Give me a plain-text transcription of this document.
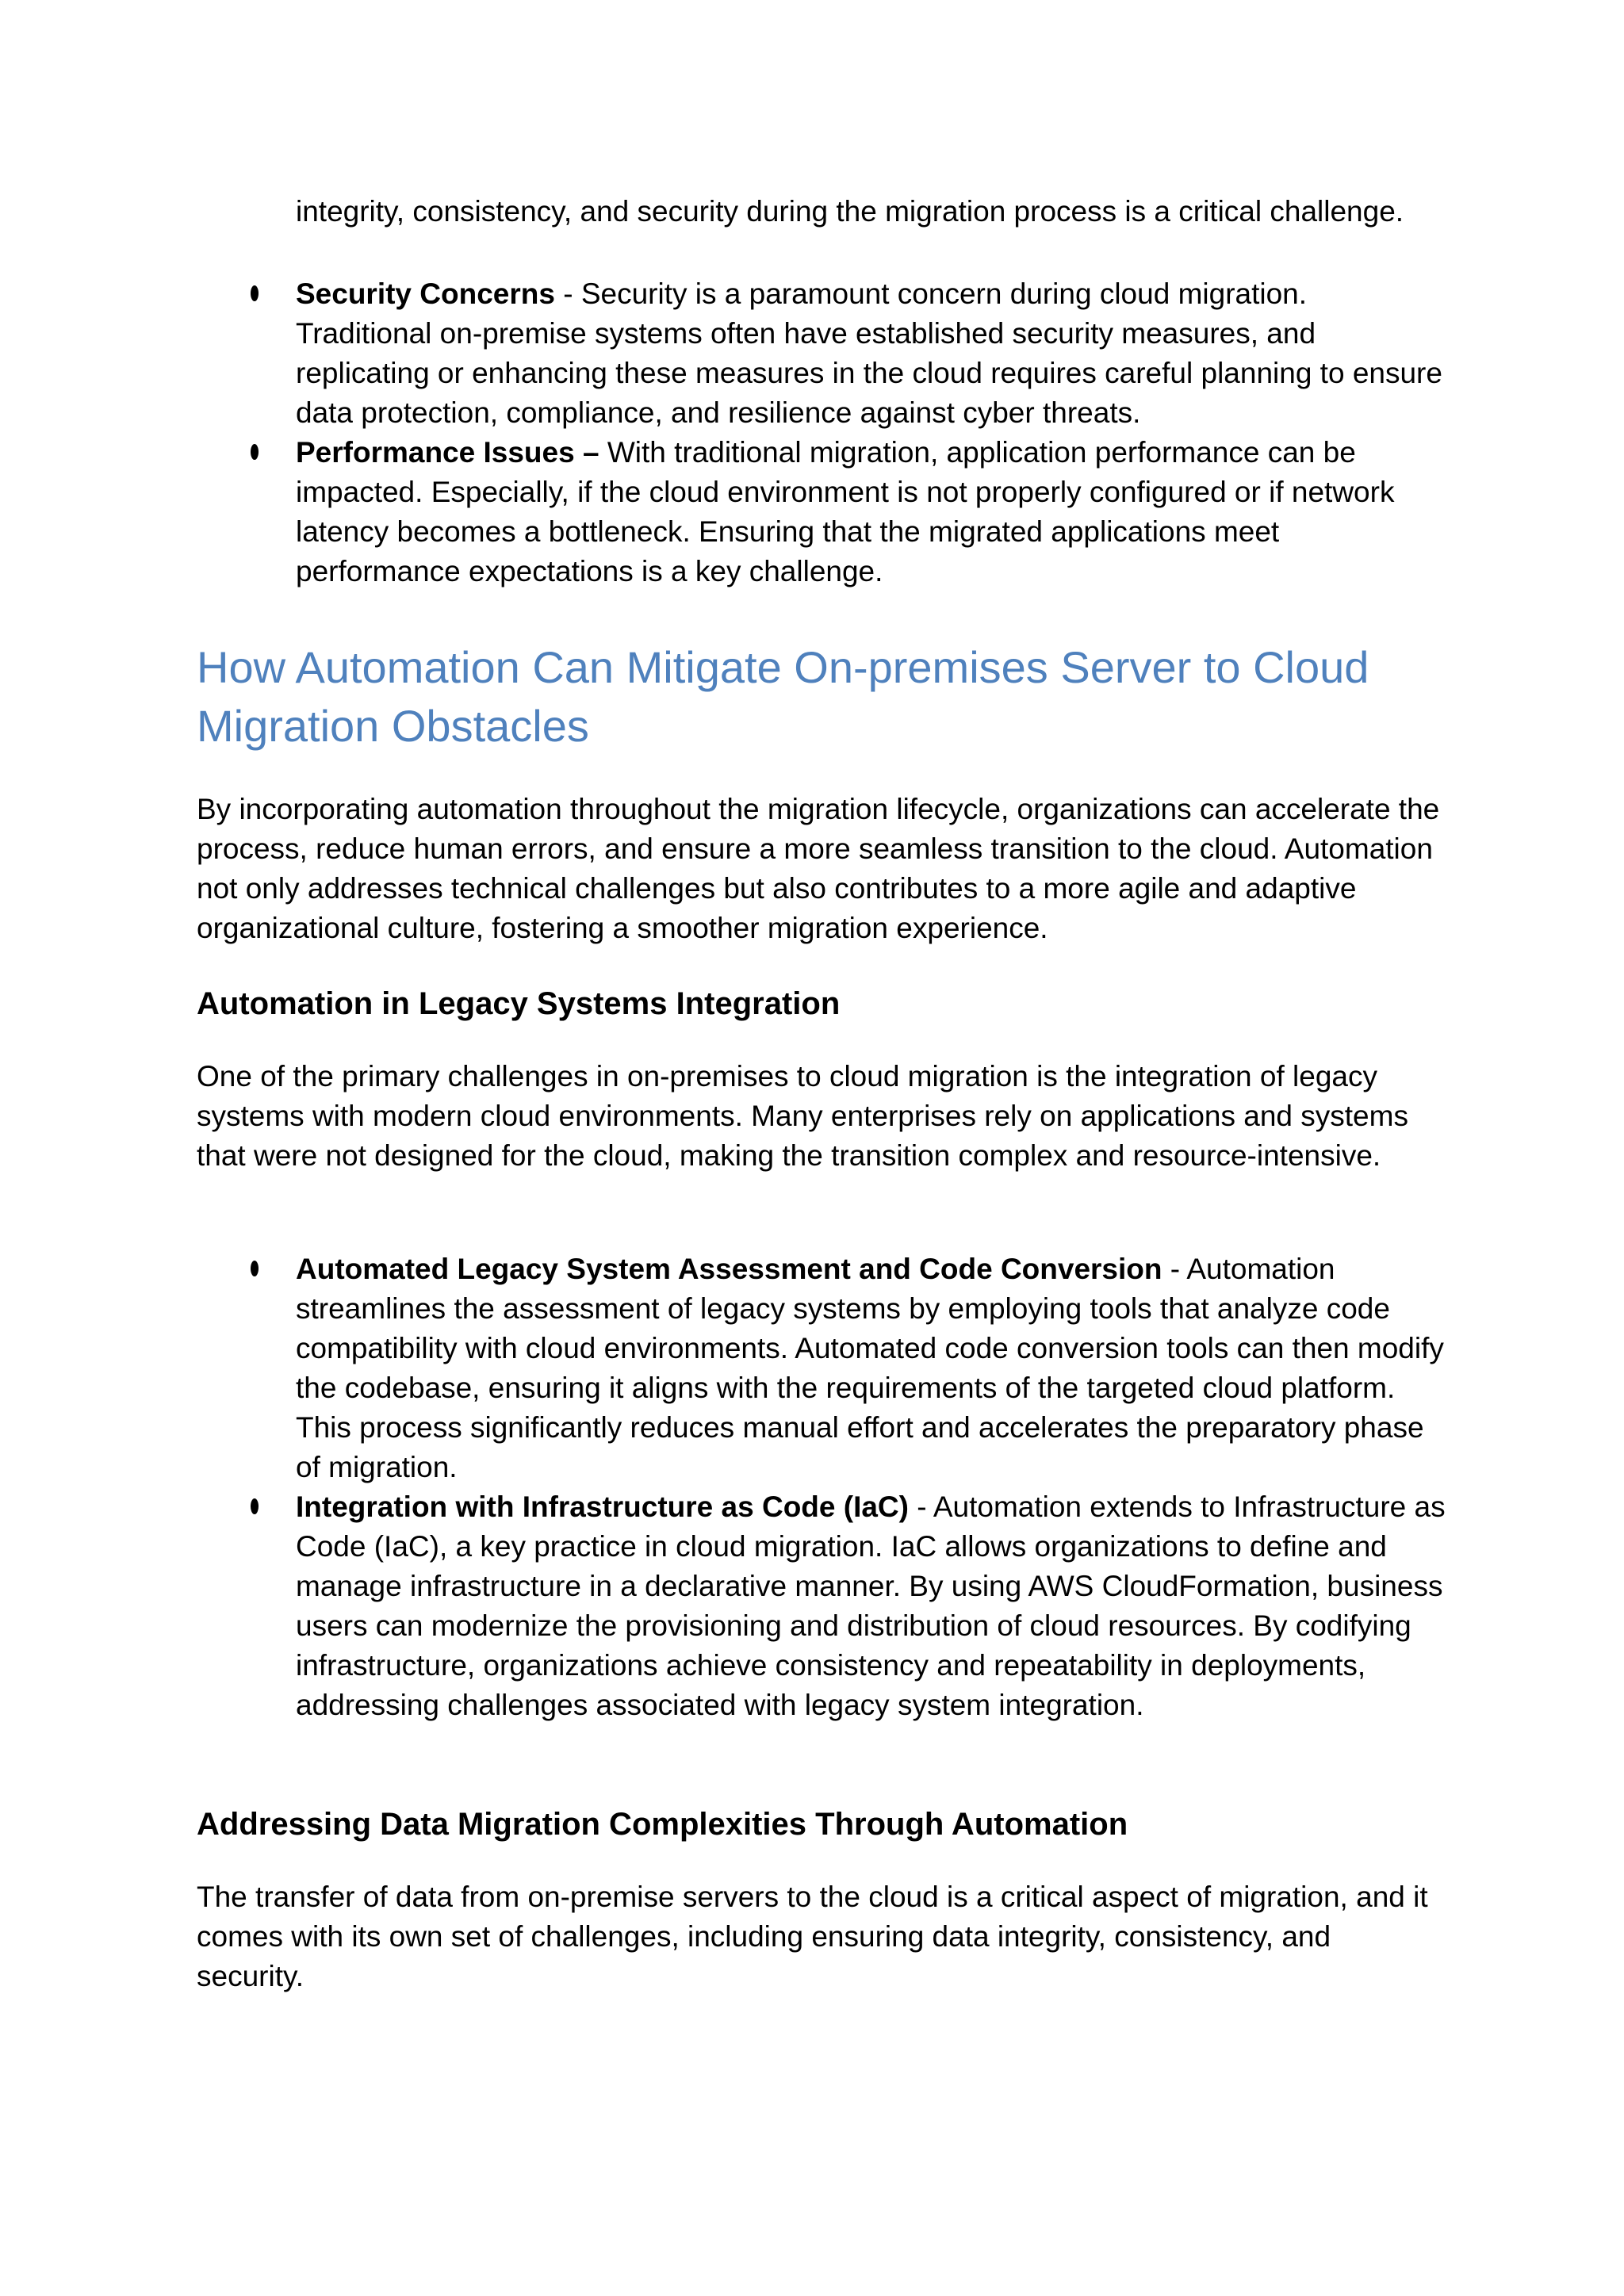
integrity, consistency, and security during the migration process is a critical challenge.
Security Concerns - Security is a paramount concern during cloud migration. Traditional on-premise systems often have established security measures, and replicating or enhancing these measures in the cloud requires careful planning to ensure data protection, compliance, and resilience against cyber threats.
Performance Issues – With traditional migration, application performance can be impacted. Especially, if the cloud environment is not properly configured or if network latency becomes a bottleneck. Ensuring that the migrated applications meet performance expectations is a key challenge.
How Automation Can Mitigate On-premises Server to Cloud Migration Obstacles

By incorporating automation throughout the migration lifecycle, organizations can accelerate the process, reduce human errors, and ensure a more seamless transition to the cloud. Automation not only addresses technical challenges but also contributes to a more agile and adaptive organizational culture, fostering a smoother migration experience.

Automation in Legacy Systems Integration

One of the primary challenges in on-premises to cloud migration is the integration of legacy systems with modern cloud environments. Many enterprises rely on applications and systems that were not designed for the cloud, making the transition complex and resource-intensive.

Automated Legacy System Assessment and Code Conversion - Automation streamlines the assessment of legacy systems by employing tools that analyze code compatibility with cloud environments. Automated code conversion tools can then modify the codebase, ensuring it aligns with the requirements of the targeted cloud platform. This process significantly reduces manual effort and accelerates the preparatory phase of migration.
Integration with Infrastructure as Code (IaC) - Automation extends to Infrastructure as Code (IaC), a key practice in cloud migration. IaC allows organizations to define and manage infrastructure in a declarative manner. By using AWS CloudFormation, business users can modernize the provisioning and distribution of cloud resources. By codifying infrastructure, organizations achieve consistency and repeatability in deployments, addressing challenges associated with legacy system integration.
Addressing Data Migration Complexities Through Automation

The transfer of data from on-premise servers to the cloud is a critical aspect of migration, and it comes with its own set of challenges, including ensuring data integrity, consistency, and security.
